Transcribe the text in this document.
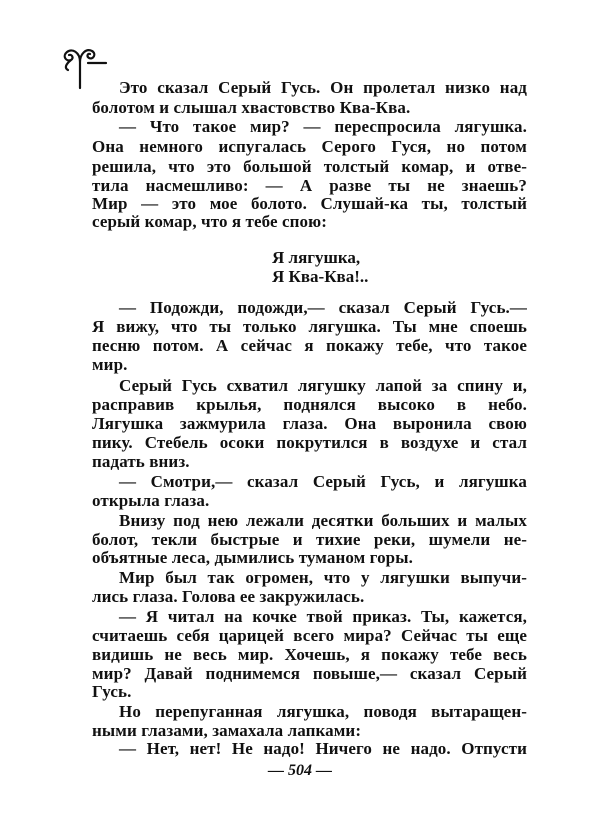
Это сказал Серый Гусь. Он пролетал низко над
болотом и слышал хвастовство Ква-Ква.
— Что такое мир? — переспросила лягушка.
Она немного испугалась Серого Гуся, но потом
решила, что это большой толстый комар, и отве-
тила насмешливо: — А разве ты не знаешь?
Мир — это мое болото. Слушай-ка ты, толстый
серый комар, что я тебе спою:
Я лягушка,
Я Ква-Ква!..
— Подожди, подожди,— сказал Серый Гусь.—
Я вижу, что ты только лягушка. Ты мне споешь
песню потом. А сейчас я покажу тебе, что такое
мир.
Серый Гусь схватил лягушку лапой за спину и,
расправив крылья, поднялся высоко в небо.
Лягушка зажмурила глаза. Она выронила свою
пику. Стебель осоки покрутился в воздухе и стал
падать вниз.
— Смотри,— сказал Серый Гусь, и лягушка
открыла глаза.
Внизу под нею лежали десятки больших и малых
болот, текли быстрые и тихие реки, шумели не-
объятные леса, дымились туманом горы.
Мир был так огромен, что у лягушки выпучи-
лись глаза. Голова ее закружилась.
— Я читал на кочке твой приказ. Ты, кажется,
считаешь себя царицей всего мира? Сейчас ты еще
видишь не весь мир. Хочешь, я покажу тебе весь
мир? Давай поднимемся повыше,— сказал Серый
Гусь.
Но перепуганная лягушка, поводя вытаращен-
ными глазами, замахала лапками:
— Нет, нет! Не надо! Ничего не надо. Отпусти
— 504 —
